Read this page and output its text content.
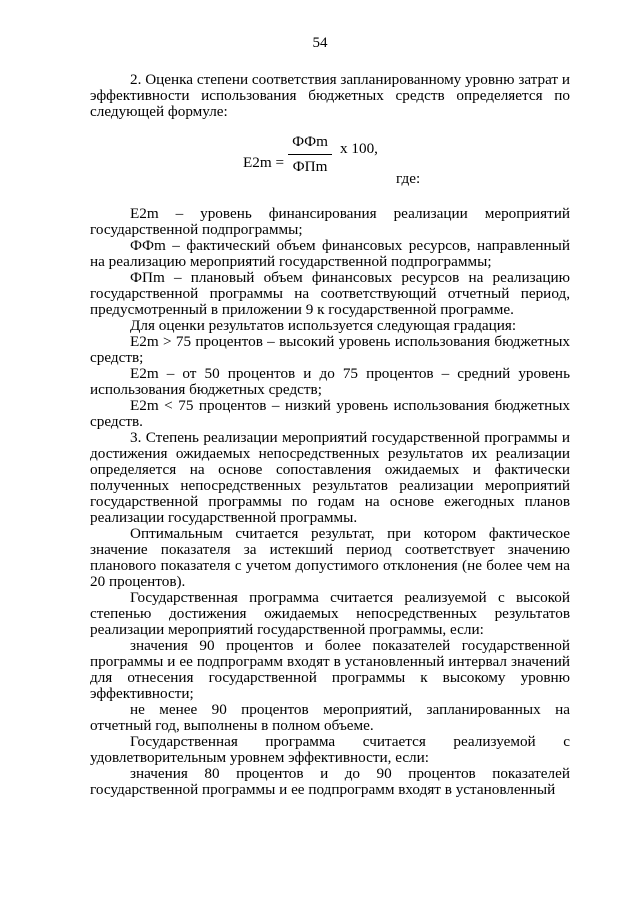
54

2. Оценка степени соответствия запланированному уровню затрат и эффективности использования бюджетных средств определяется по следующей формуле:

E2m =
ФФm
ФПm
x 100,
где:

E2m – уровень финансирования реализации мероприятий государственной подпрограммы;

ФФm – фактический объем финансовых ресурсов, направленный на реализацию мероприятий государственной подпрограммы;

ФПm – плановый объем финансовых ресурсов на реализацию государственной программы на соответствующий отчетный период, предусмотренный в приложении 9 к государственной программе.

Для оценки результатов используется следующая градация:

E2m > 75 процентов – высокий уровень использования бюджетных средств;

E2m – от 50 процентов и до 75 процентов – средний уровень использования бюджетных средств;

E2m < 75 процентов – низкий уровень использования бюджетных средств.

3. Степень реализации мероприятий государственной программы и достижения ожидаемых непосредственных результатов их реализации определяется на основе сопоставления ожидаемых и фактически полученных непосредственных результатов реализации мероприятий государственной программы по годам на основе ежегодных планов реализации государственной программы.

Оптимальным считается результат, при котором фактическое значение показателя за истекший период соответствует значению планового показателя с учетом допустимого отклонения (не более чем на 20 процентов).

Государственная программа считается реализуемой с высокой степенью достижения ожидаемых непосредственных результатов реализации мероприятий государственной программы, если:

значения 90 процентов и более показателей государственной программы и ее подпрограмм входят в установленный интервал значений для отнесения государственной программы к высокому уровню эффективности;

не менее 90 процентов мероприятий, запланированных на отчетный год, выполнены в полном объеме.

Государственная программа считается реализуемой с удовлетворительным уровнем эффективности, если:

значения 80 процентов и до 90 процентов показателей государственной программы и ее подпрограмм входят в установленный
